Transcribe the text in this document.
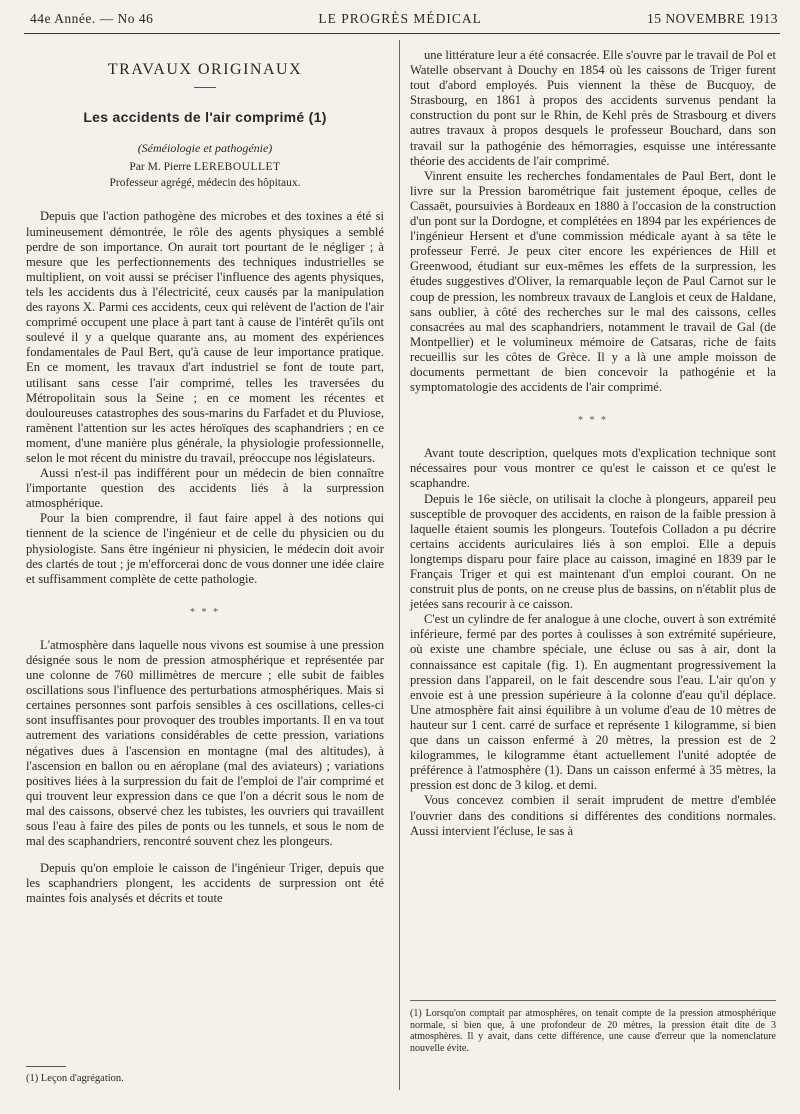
44e Année. — No 46	LE PROGRÈS MÉDICAL	15 NOVEMBRE 1913
TRAVAUX ORIGINAUX
Les accidents de l'air comprimé (1)
(Séméiologie et pathogénie)
Par M. Pierre LEREBOULLET
Professeur agrégé, médecin des hôpitaux.

Depuis que l'action pathogène des microbes et des toxines a été si lumineusement démontrée, le rôle des agents physiques a semblé perdre de son importance. On aurait tort pourtant de le négliger ; à mesure que les perfectionnements des techniques industrielles se multiplient, on voit aussi se préciser l'influence des agents physiques, tels les accidents dus à l'électricité, ceux causés par la manipulation des rayons X. Parmi ces accidents, ceux qui relèvent de l'action de l'air comprimé occupent une place à part tant à cause de l'intérêt qu'ils ont soulevé il y a quelque quarante ans, au moment des expériences fondamentales de Paul Bert, qu'à cause de leur importance pratique. En ce moment, les travaux d'art industriel se font de toute part, utilisant sans cesse l'air comprimé, telles les traversées du Métropolitain sous la Seine ; en ce moment les récentes et douloureuses catastrophes des sous-marins du Farfadet et du Pluviose, ramènent l'attention sur les actes héroïques des scaphandriers ; en ce moment, d'une manière plus générale, la physiologie professionnelle, selon le mot récent du ministre du travail, préoccupe nos législateurs.

Aussi n'est-il pas indifférent pour un médecin de bien connaître l'importante question des accidents liés à la surpression atmosphérique.

Pour la bien comprendre, il faut faire appel à des notions qui tiennent de la science de l'ingénieur et de celle du physicien ou du physiologiste. Sans être ingénieur ni physicien, le médecin doit avoir des clartés de tout ; je m'efforcerai donc de vous donner une idée claire et suffisamment complète de cette pathologie.

* * *

L'atmosphère dans laquelle nous vivons est soumise à une pression désignée sous le nom de pression atmosphérique et représentée par une colonne de 760 millimètres de mercure ; elle subit de faibles oscillations sous l'influence des perturbations atmosphériques. Mais si certaines personnes sont parfois sensibles à ces oscillations, celles-ci sont insuffisantes pour provoquer des troubles importants. Il en va tout autrement des variations considérables de cette pression, variations négatives dues à l'ascension en montagne (mal des altitudes), à l'ascension en ballon ou en aéroplane (mal des aviateurs) ; variations positives liées à la surpression du fait de l'emploi de l'air comprimé et qui trouvent leur expression dans ce que l'on a décrit sous le nom de mal des caissons, observé chez les tubistes, les ouvriers qui travaillent sous l'eau à faire des piles de ponts ou les tunnels, et sous le nom de mal des scaphandriers, rencontré souvent chez les plongeurs.

Depuis qu'on emploie le caisson de l'ingénieur Triger, depuis que les scaphandriers plongent, les accidents de surpression ont été maintes fois analysés et décrits et toute

(1) Leçon d'agrégation.

une littérature leur a été consacrée. Elle s'ouvre par le travail de Pol et Watelle observant à Douchy en 1854 où les caissons de Triger furent tout d'abord employés. Puis viennent la thèse de Bucquoy, de Strasbourg, en 1861 à propos des accidents survenus pendant la construction du pont sur le Rhin, de Kehl près de Strasbourg et divers autres travaux à propos desquels le professeur Bouchard, dans son travail sur la pathogénie des hémorragies, esquisse une intéressante théorie des accidents de l'air comprimé.

Vinrent ensuite les recherches fondamentales de Paul Bert, dont le livre sur la Pression barométrique fait justement époque, celles de Cassaët, poursuivies à Bordeaux en 1880 à l'occasion de la construction d'un pont sur la Dordogne, et complétées en 1894 par les expériences de l'ingénieur Hersent et d'une commission médicale ayant à sa tête le professeur Ferré. Je peux citer encore les expériences de Hill et Greenwood, étudiant sur eux-mêmes les effets de la surpression, les études suggestives d'Oliver, la remarquable leçon de Paul Carnot sur le coup de pression, les nombreux travaux de Langlois et ceux de Haldane, sans oublier, à côté des recherches sur le mal des caissons, celles consacrées au mal des scaphandriers, notamment le travail de Gal (de Montpellier) et le volumineux mémoire de Catsaras, riche de faits recueillis sur les côtes de Grèce. Il y a là une ample moisson de documents permettant de bien concevoir la pathogénie et la symptomatologie des accidents de l'air comprimé.

* * *

Avant toute description, quelques mots d'explication technique sont nécessaires pour vous montrer ce qu'est le caisson et ce qu'est le scaphandre.

Depuis le 16e siècle, on utilisait la cloche à plongeurs, appareil peu susceptible de provoquer des accidents, en raison de la faible pression à laquelle étaient soumis les plongeurs. Toutefois Colladon a pu décrire certains accidents auriculaires liés à son emploi. Elle a depuis longtemps disparu pour faire place au caisson, imaginé en 1839 par le Français Triger et qui est maintenant d'un emploi courant. On ne construit plus de ponts, on ne creuse plus de bassins, on n'établit plus de jetées sans recourir à ce caisson.

C'est un cylindre de fer analogue à une cloche, ouvert à son extrémité inférieure, fermé par des portes à coulisses à son extrémité supérieure, où existe une chambre spéciale, une écluse ou sas à air, dont la connaissance est capitale (fig. 1). En augmentant progressivement la pression dans l'appareil, on le fait descendre sous l'eau. L'air qu'on y envoie est à une pression supérieure à la colonne d'eau qu'il déplace. Une atmosphère fait ainsi équilibre à un volume d'eau de 10 mètres de hauteur sur 1 cent. carré de surface et représente 1 kilogramme, si bien que dans un caisson enfermé à 20 mètres, la pression est de 2 kilogrammes, le kilogramme étant actuellement l'unité adoptée de préférence à l'atmosphère (1). Dans un caisson enfermé à 35 mètres, la pression est donc de 3 kilog. et demi.

Vous concevez combien il serait imprudent de mettre d'emblée l'ouvrier dans des conditions si différentes des conditions normales. Aussi intervient l'écluse, le sas à

(1) Lorsqu'on comptait par atmosphères, on tenait compte de la pression atmosphérique normale, si bien que, à une profondeur de 20 mètres, la pression était dite de 3 atmosphères. Il y avait, dans cette différence, une cause d'erreur que la nomenclature nouvelle évite.
